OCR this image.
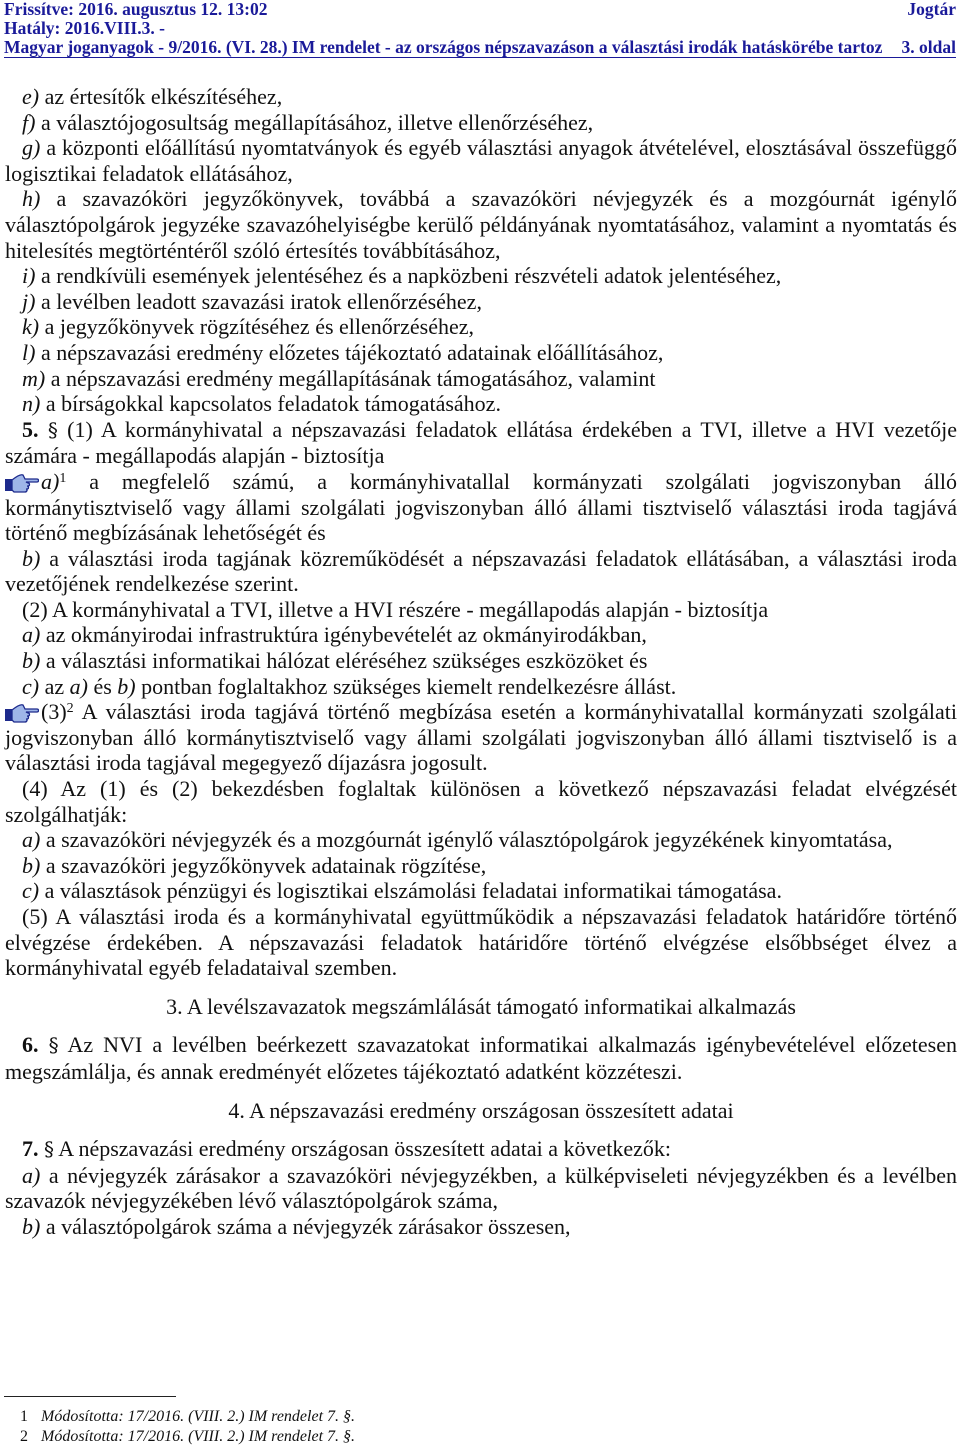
Frissítve: 2016. augusztus 12. 13:02	Jogtár
Hatály: 2016.VIII.3. -
Magyar joganyagok - 9/2016. (VI. 28.) IM rendelet - az országos népszavazáson a választási irodák hatáskörébe tartoz 3. oldal

e) az értesítők elkészítéséhez,

f) a választójogosultság megállapításához, illetve ellenőrzéséhez,

g) a központi előállítású nyomtatványok és egyéb választási anyagok átvételével, elosztásával összefüggő logisztikai feladatok ellátásához,

h) a szavazóköri jegyzőkönyvek, továbbá a szavazóköri névjegyzék és a mozgóurnát igénylő választópolgárok jegyzéke szavazóhelyiségbe kerülő példányának nyomtatásához, valamint a nyomtatás és hitelesítés megtörténtéről szóló értesítés továbbításához,

i) a rendkívüli események jelentéséhez és a napközbeni részvételi adatok jelentéséhez,

j) a levélben leadott szavazási iratok ellenőrzéséhez,

k) a jegyzőkönyvek rögzítéséhez és ellenőrzéséhez,

l) a népszavazási eredmény előzetes tájékoztató adatainak előállításához,

m) a népszavazási eredmény megállapításának támogatásához, valamint

n) a bírságokkal kapcsolatos feladatok támogatásához.

5. § (1) A kormányhivatal a népszavazási feladatok ellátása érdekében a TVI, illetve a HVI vezetője számára - megállapodás alapján - biztosítja

a)$^1$ a megfelelő számú, a kormányhivatallal kormányzati szolgálati jogviszonyban álló kormánytisztviselő vagy állami szolgálati jogviszonyban álló állami tisztviselő választási iroda tagjává történő megbízásának lehetőségét és

b) a választási iroda tagjának közreműködését a népszavazási feladatok ellátásában, a választási iroda vezetőjének rendelkezése szerint.

(2) A kormányhivatal a TVI, illetve a HVI részére - megállapodás alapján - biztosítja

a) az okmányirodai infrastruktúra igénybevételét az okmányirodákban,

b) a választási informatikai hálózat eléréséhez szükséges eszközöket és

c) az a) és b) pontban foglaltakhoz szükséges kiemelt rendelkezésre állást.

$(3)^2$ A választási iroda tagjává történő megbízása esetén a kormányhivatallal kormányzati szolgálati jogviszonyban álló kormánytisztviselő vagy állami szolgálati jogviszonyban álló állami tisztviselő is a választási iroda tagjával megegyező díjazásra jogosult.

(4) Az (1) és (2) bekezdésben foglaltak különösen a következő népszavazási feladat elvégzését szolgálhatják:

a) a szavazóköri névjegyzék és a mozgóurnát igénylő választópolgárok jegyzékének kinyomtatása,

b) a szavazóköri jegyzőkönyvek adatainak rögzítése,

c) a választások pénzügyi és logisztikai elszámolási feladatai informatikai támogatása.

(5) A választási iroda és a kormányhivatal együttműködik a népszavazási feladatok határidőre történő elvégzése érdekében. A népszavazási feladatok határidőre történő elvégzése elsőbbséget élvez a kormányhivatal egyéb feladataival szemben.

3. A levélszavazatok megszámlálását támogató informatikai alkalmazás

6. § Az NVI a levélben beérkezett szavazatokat informatikai alkalmazás igénybevételével előzetesen megszámlálja, és annak eredményét előzetes tájékoztató adatként közzéteszi.

4. A népszavazási eredmény országosan összesített adatai

7. § A népszavazási eredmény országosan összesített adatai a következők:

a) a névjegyzék zárásakor a szavazóköri névjegyzékben, a külképviseleti névjegyzékben és a levélben szavazók névjegyzékében lévő választópolgárok száma,

b) a választópolgárok száma a névjegyzék zárásakor összesen,

1 Módosította: 17/2016. (VIII. 2.) IM rendelet 7. §.
2 Módosította: 17/2016. (VIII. 2.) IM rendelet 7. §.
